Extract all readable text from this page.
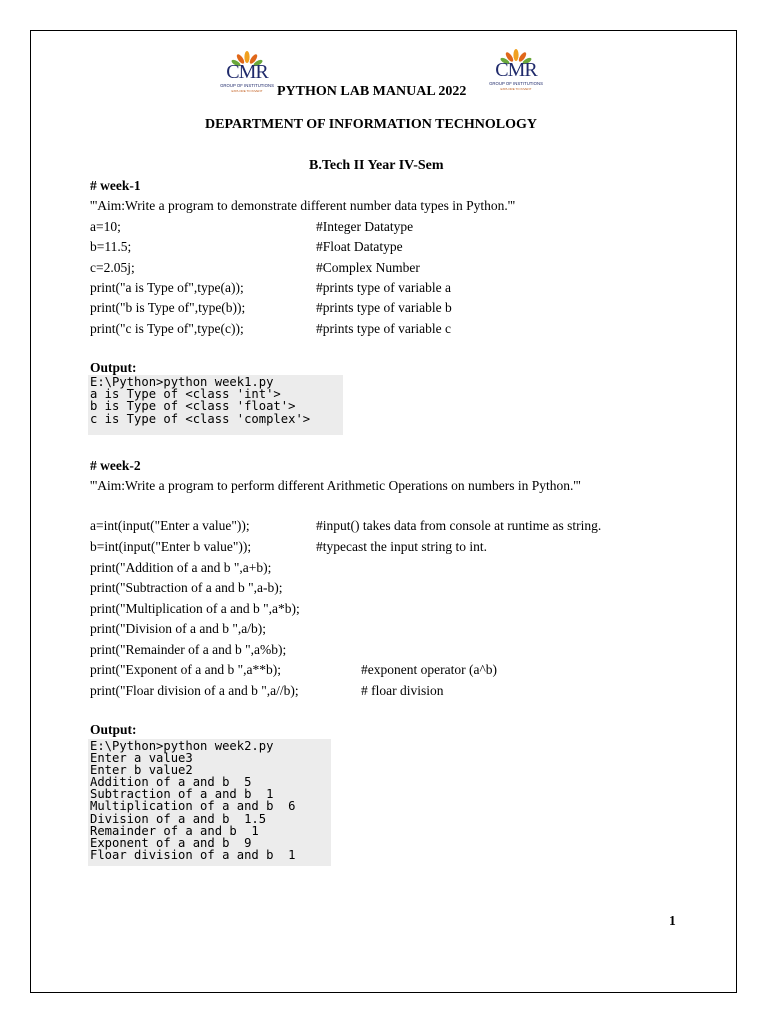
CMR
GROUP OF INSTITUTIONS
EXPLORE TO INVENT	PYTHON LAB MANUAL 2022
CMR
GROUP OF INSTITUTIONS
EXPLORE TO INVENT
DEPARTMENT OF INFORMATION TECHNOLOGY
B.Tech II Year IV-Sem
# week-1
'''Aim:Write a program to demonstrate different number data types in Python.'''
a=10;	#Integer Datatype
b=11.5;	#Float Datatype
c=2.05j;	#Complex Number
print("a is Type of",type(a));	#prints type of variable a
print("b is Type of",type(b));	#prints type of variable b
print("c is Type of",type(c));	#prints type of variable c
Output:
E:\Python>python week1.py
a is Type of <class 'int'>
b is Type of <class 'float'>
c is Type of <class 'complex'>
# week-2
'''Aim:Write a program to perform different Arithmetic Operations on numbers in Python.'''
a=int(input("Enter a value"));	#input() takes data from console at runtime as string.
b=int(input("Enter b value"));	#typecast the input string to int.
print("Addition of a and b ",a+b);
print("Subtraction of a and b ",a-b);
print("Multiplication of a and b ",a*b);
print("Division of a and b ",a/b);
print("Remainder of a and b ",a%b);
print("Exponent of a and b ",a**b);	#exponent operator (a^b)
print("Floar division of a and b ",a//b);	# floar division
Output:
E:\Python>python week2.py
Enter a value3
Enter b value2
Addition of a and b  5
Subtraction of a and b  1
Multiplication of a and b  6
Division of a and b  1.5
Remainder of a and b  1
Exponent of a and b  9
Floar division of a and b  1
1
